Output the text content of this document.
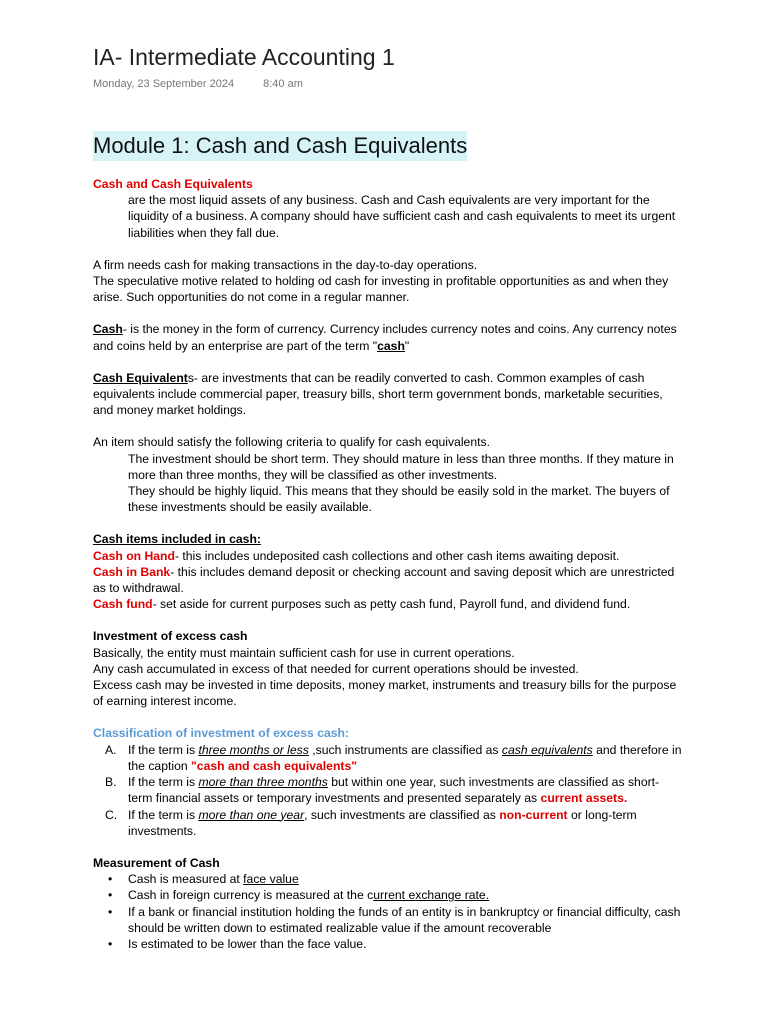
IA- Intermediate Accounting 1
Monday, 23 September 2024	8:40 am
Module 1: Cash and Cash Equivalents

Cash and Cash Equivalents

are the most liquid assets of any business. Cash and Cash equivalents are very important for the liquidity of a business. A company should have sufficient cash and cash equivalents to meet its urgent liabilities when they fall due.

A firm needs cash for making transactions in the day-to-day operations.

The speculative motive related to holding od cash for investing in profitable opportunities as and when they arise. Such opportunities do not come in a regular manner.

Cash- is the money in the form of currency. Currency includes currency notes and coins. Any currency notes and coins held by an enterprise are part of the term "cash"

Cash Equivalents- are investments that can be readily converted to cash. Common examples of cash equivalents include commercial paper, treasury bills, short term government bonds, marketable securities, and money market holdings.

An item should satisfy the following criteria to qualify for cash equivalents.

The investment should be short term. They should mature in less than three months. If they mature in more than three months, they will be classified as other investments.

They should be highly liquid. This means that they should be easily sold in the market. The buyers of these investments should be easily available.

Cash items included in cash:

Cash on Hand- this includes undeposited cash collections and other cash items awaiting deposit.

Cash in Bank- this includes demand deposit or checking account and saving deposit which are unrestricted as to withdrawal.

Cash fund- set aside for current purposes such as petty cash fund, Payroll fund, and dividend fund.

Investment of excess cash

Basically, the entity must maintain sufficient cash for use in current operations.

Any cash accumulated in excess of that needed for current operations should be invested.

Excess cash may be invested in time deposits, money market, instruments and treasury bills for the purpose of earning interest income.

Classification of investment of excess cash:

A. If the term is three months or less ,such instruments are classified as cash equivalents and therefore in the caption "cash and cash equivalents"
B. If the term is more than three months but within one year, such investments are classified as short-term financial assets or temporary investments and presented separately as current assets.
C. If the term is more than one year, such investments are classified as non-current or long-term investments.

Measurement of Cash

• Cash is measured at face value
• Cash in foreign currency is measured at the current exchange rate.
• If a bank or financial institution holding the funds of an entity is in bankruptcy or financial difficulty, cash should be written down to estimated realizable value if the amount recoverable
• Is estimated to be lower than the face value.
